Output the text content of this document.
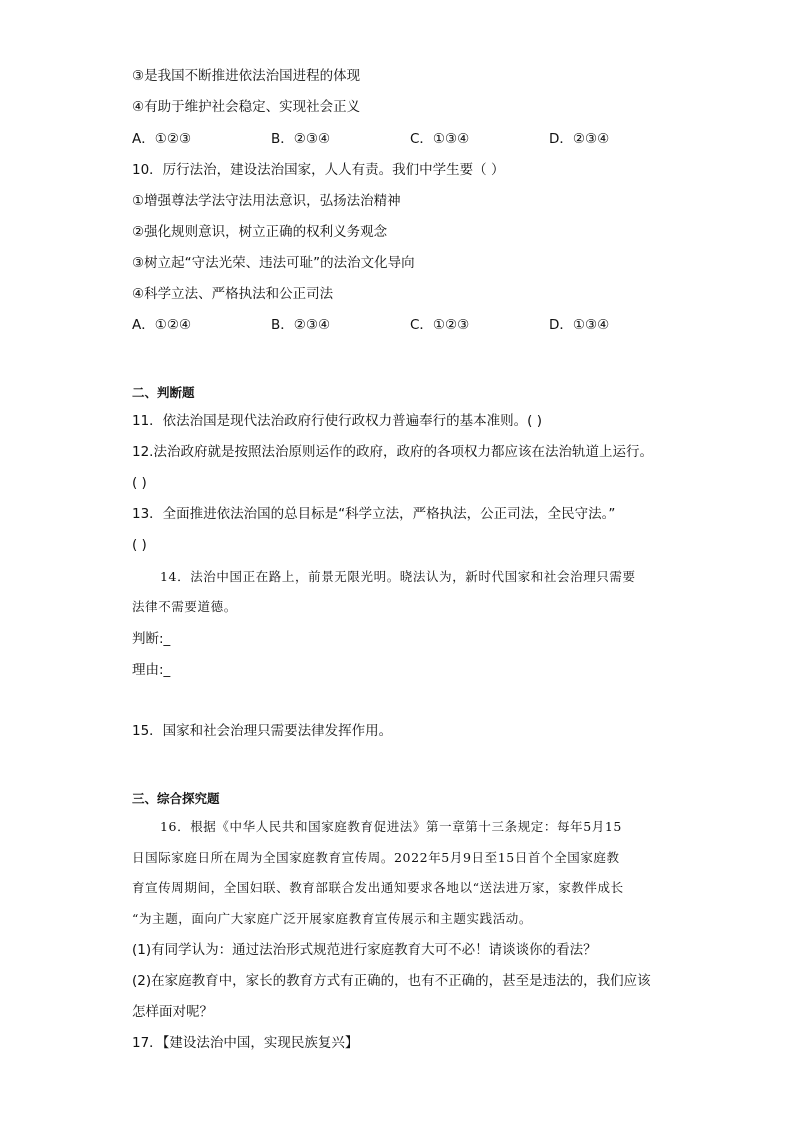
③是我国不断推进依法治国进程的体现
④有助于维护社会稳定、实现社会正义
A．①②③	B．②③④	C．①③④	D．②③④
10．厉行法治，建设法治国家，人人有责。我们中学生要（ ）
①增强尊法学法守法用法意识，弘扬法治精神
②强化规则意识，树立正确的权利义务观念
③树立起“守法光荣、违法可耻”的法治文化导向
④科学立法、严格执法和公正司法
A．①②④	B．②③④	C．①②③	D．①③④
二、判断题
11．依法治国是现代法治政府行使行政权力普遍奉行的基本准则。( )
12.法治政府就是按照法治原则运作的政府，政府的各项权力都应该在法治轨道上运行。
( )
13．全面推进依法治国的总目标是“科学立法，严格执法，公正司法，全民守法。”
( )
14．法治中国正在路上，前景无限光明。晓法认为，新时代国家和社会治理只需要
法律不需要道德。
判断:_
理由:_
15．国家和社会治理只需要法律发挥作用。
三、综合探究题
16．根据《中华人民共和国家庭教育促进法》第一章第十三条规定：每年5月15
日国际家庭日所在周为全国家庭教育宣传周。2022年5月9日至15日首个全国家庭教
育宣传周期间，全国妇联、教育部联合发出通知要求各地以“送法进万家，家教伴成长
“为主题，面向广大家庭广泛开展家庭教育宣传展示和主题实践活动。
(1)有同学认为：通过法治形式规范进行家庭教育大可不必！请谈谈你的看法？
(2)在家庭教育中，家长的教育方式有正确的，也有不正确的，甚至是违法的，我们应该
怎样面对呢？
17．【建设法治中国，实现民族复兴】
